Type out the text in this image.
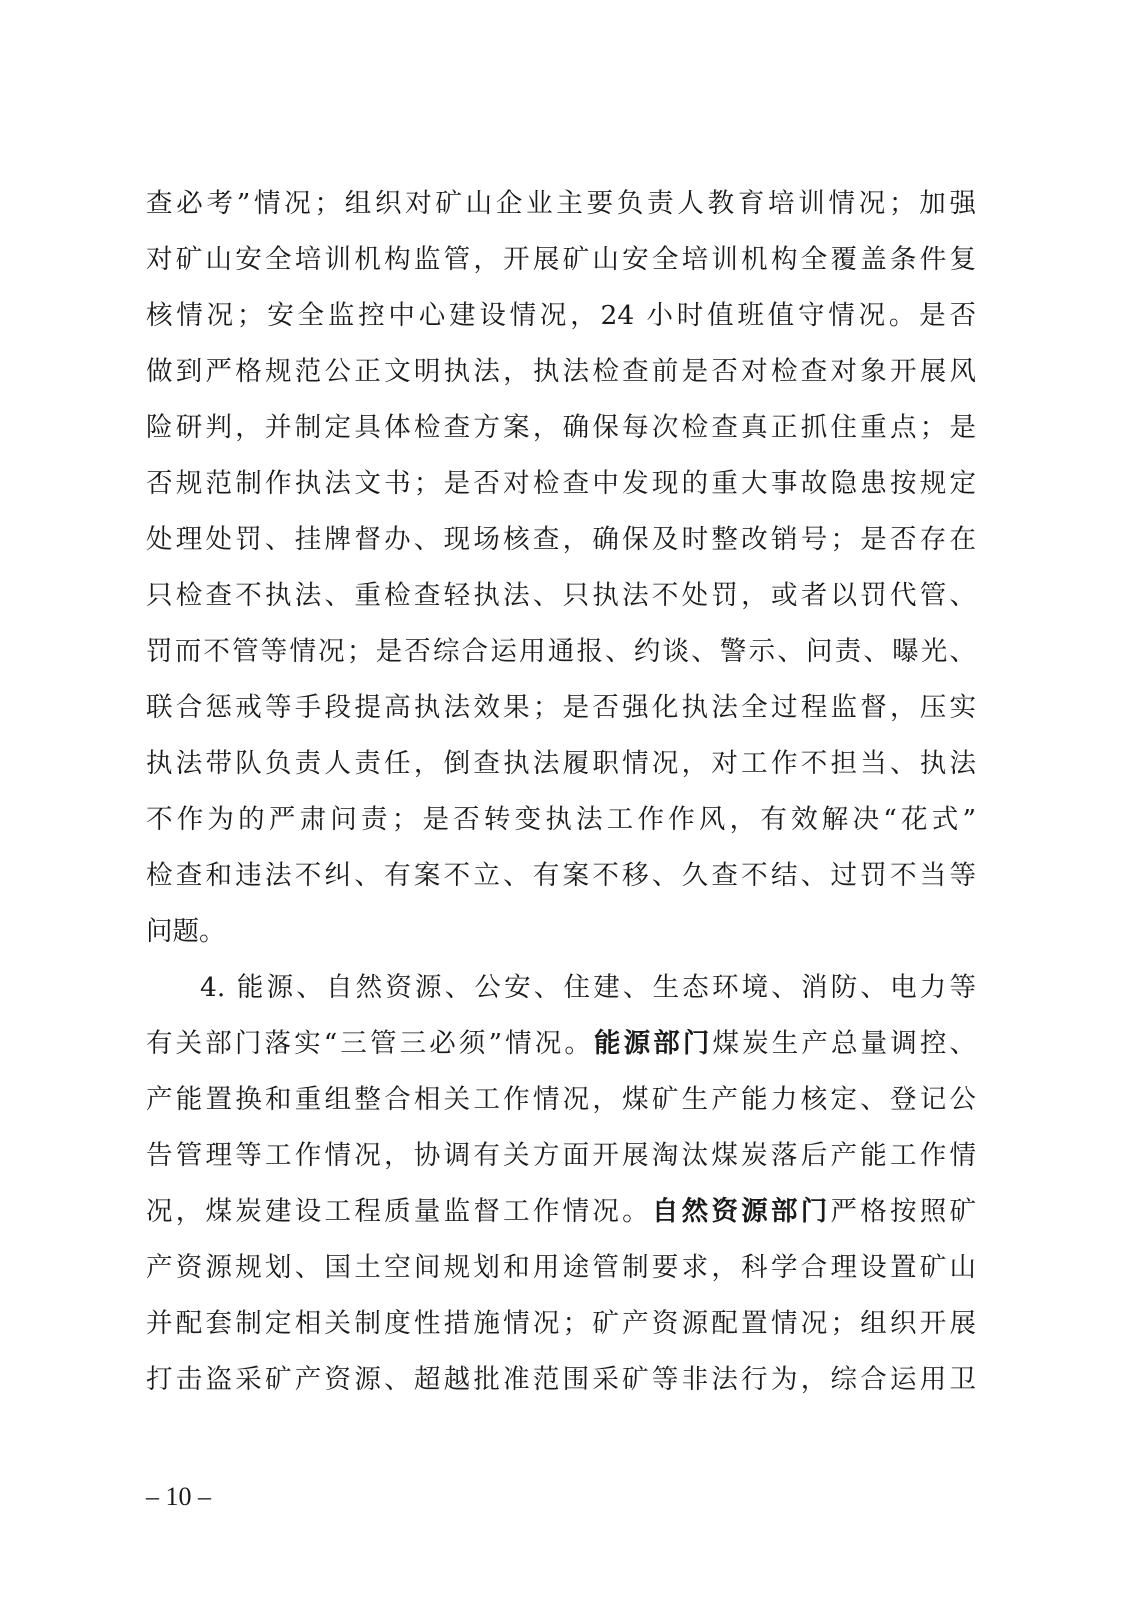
查必考”情况；组织对矿山企业主要负责人教育培训情况；加强
对矿山安全培训机构监管，开展矿山安全培训机构全覆盖条件复
核情况；安全监控中心建设情况，24 小时值班值守情况。是否
做到严格规范公正文明执法，执法检查前是否对检查对象开展风
险研判，并制定具体检查方案，确保每次检查真正抓住重点；是
否规范制作执法文书；是否对检查中发现的重大事故隐患按规定
处理处罚、挂牌督办、现场核查，确保及时整改销号；是否存在
只检查不执法、重检查轻执法、只执法不处罚，或者以罚代管、
罚而不管等情况；是否综合运用通报、约谈、警示、问责、曝光、
联合惩戒等手段提高执法效果；是否强化执法全过程监督，压实
执法带队负责人责任，倒查执法履职情况，对工作不担当、执法
不作为的严肃问责；是否转变执法工作作风，有效解决“花式”
检查和违法不纠、有案不立、有案不移、久查不结、过罚不当等
问题。
4. 能源、自然资源、公安、住建、生态环境、消防、电力等
有关部门落实“三管三必须”情况。能源部门煤炭生产总量调控、
产能置换和重组整合相关工作情况，煤矿生产能力核定、登记公
告管理等工作情况，协调有关方面开展淘汰煤炭落后产能工作情
况，煤炭建设工程质量监督工作情况。自然资源部门严格按照矿
产资源规划、国土空间规划和用途管制要求，科学合理设置矿山
并配套制定相关制度性措施情况；矿产资源配置情况；组织开展
打击盗采矿产资源、超越批准范围采矿等非法行为，综合运用卫
– 10 –
